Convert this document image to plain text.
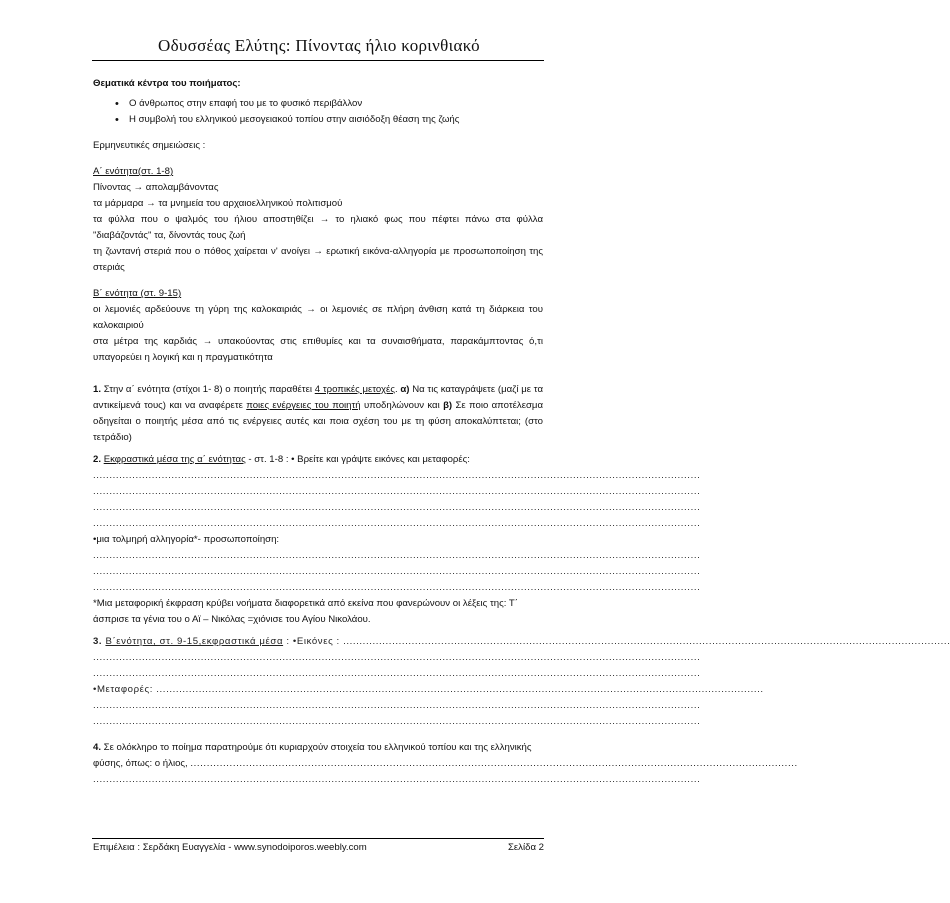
Οδυσσέας Ελύτης: Πίνοντας ήλιο κορινθιακό

Θεματικά κέντρα του ποιήματος:

• Ο άνθρωπος στην επαφή του με το φυσικό περιβάλλον
• Η συμβολή του ελληνικού μεσογειακού τοπίου στην αισιόδοξη θέαση της ζωής

Ερμηνευτικές σημειώσεις :

Α΄ ενότητα(στ. 1-8)

Πίνοντας → απολαμβάνοντας

τα μάρμαρα → τα μνημεία του αρχαιοελληνικού πολιτισμού

τα φύλλα που ο ψαλμός του ήλιου αποστηθίζει → το ηλιακό φως που πέφτει πάνω στα φύλλα "διαβάζοντάς" τα, δίνοντάς τους ζωή

τη ζωντανή στεριά που ο πόθος χαίρεται ν' ανοίγει → ερωτική εικόνα-αλληγορία με προσωποποίηση της στεριάς

Β΄ ενότητα (στ. 9-15)

οι λεμονιές αρδεύουνε τη γύρη της καλοκαιριάς → οι λεμονιές σε πλήρη άνθιση κατά τη διάρκεια του καλοκαιριού

στα μέτρα της καρδιάς → υπακούοντας στις επιθυμίες και τα συναισθήματα, παρακάμπτοντας ό,τι υπαγορεύει η λογική και η πραγματικότητα

1. Στην α΄ ενότητα (στίχοι 1- 8) ο ποιητής παραθέτει 4 τροπικές μετοχές. α) Να τις καταγράψετε (μαζί με τα αντικείμενά τους) και να αναφέρετε ποιες ενέργειες του ποιητή υποδηλώνουν και β) Σε ποιο αποτέλεσμα οδηγείται ο ποιητής μέσα από τις ενέργειες αυτές και ποια σχέση του με τη φύση αποκαλύπτεται; (στο τετράδιο)

2. Εκφραστικά μέσα της α΄ ενότητας - στ. 1-8 : • Βρείτε και γράψτε εικόνες και μεταφορές:

..........................................................................................................................................................................................
..........................................................................................................................................................................................
..........................................................................................................................................................................................
..........................................................................................................................................................................................

•μια τολμηρή αλληγορία*- προσωποποίηση:

..........................................................................................................................................................................................
..........................................................................................................................................................................................
..........................................................................................................................................................................................

*Μια μεταφορική έκφραση κρύβει νοήματα διαφορετικά από εκείνα που φανερώνουν οι λέξεις της: Τ΄ άσπρισε τα γένια του ο Αϊ – Νικόλας =χιόνισε του Αγίου Νικολάου.

3. Β΄ενότητα, στ. 9-15,εκφραστικά μέσα : •Εικόνες : ..........................................................................................................................................................................................

..........................................................................................................................................................................................
..........................................................................................................................................................................................

•Μεταφορές: ..........................................................................................................................................................................................

..........................................................................................................................................................................................
..........................................................................................................................................................................................

4. Σε ολόκληρο το ποίημα παρατηρούμε ότι κυριαρχούν στοιχεία του ελληνικού τοπίου και της ελληνικής φύσης, όπως: ο ήλιος, ..........................................................................................................................................................................................

..........................................................................................................................................................................................
Επιμέλεια : Σερδάκη Ευαγγελία - www.synodoiporos.weebly.com	Σελίδα 2
